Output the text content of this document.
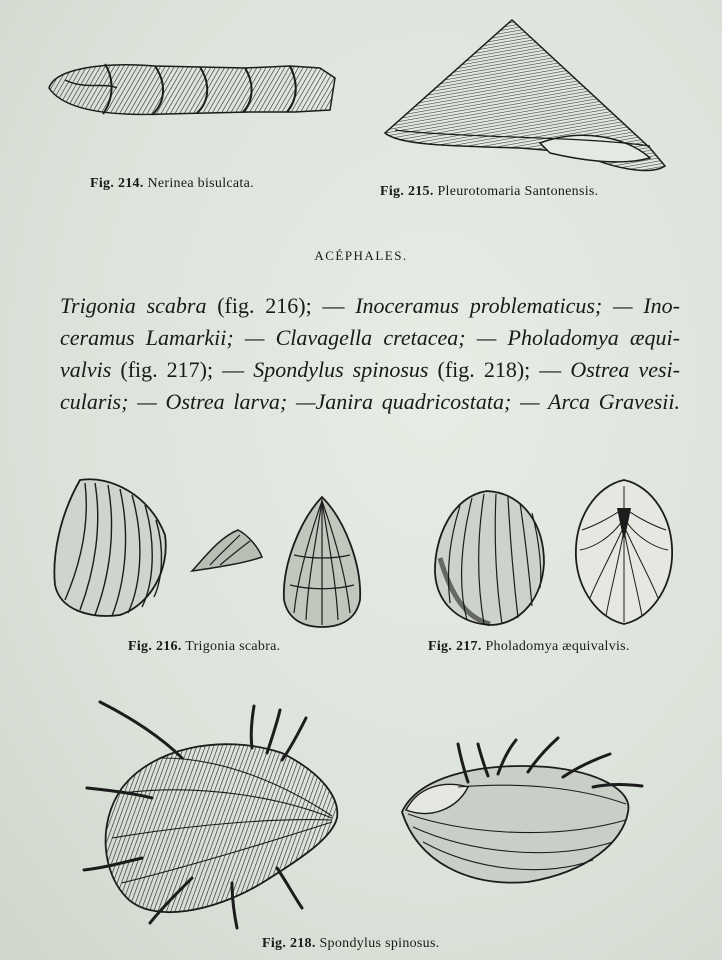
Fig. 214. Nerinea bisulcata.
Fig. 215. Pleurotomaria Santonensis.
ACÉPHALES.
Trigonia scabra (fig. 216); — Inoceramus problematicus; — Ino-
ceramus Lamarkii; — Clavagella cretacea; — Pholadomya æqui-
valvis (fig. 217); — Spondylus spinosus (fig. 218); — Ostrea vesi-
cularis; — Ostrea larva; —Janira quadricostata; — Arca Gravesii.
Fig. 216. Trigonia scabra.	Fig. 217. Pholadomya æquivalvis.
Fig. 218. Spondylus spinosus.
